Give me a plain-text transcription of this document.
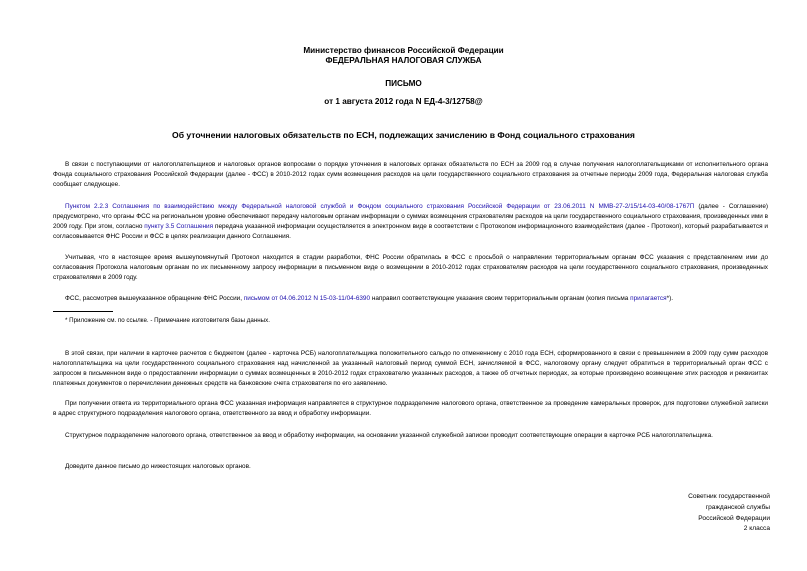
Министерство финансов Российской Федерации
ФЕДЕРАЛЬНАЯ НАЛОГОВАЯ СЛУЖБА
ПИСЬМО
от 1 августа 2012 года N ЕД-4-3/12758@
Об уточнении налоговых обязательств по ЕСН, подлежащих зачислению в Фонд социального страхования
В связи с поступающими от налогоплательщиков и налоговых органов вопросами о порядке уточнения в налоговых органах обязательств по ЕСН за 2009 год в случае получения налогоплательщиками от исполнительного органа Фонда социального страхования Российской Федерации (далее - ФСС) в 2010-2012 годах сумм возмещения расходов на цели государственного социального страхования за отчетные периоды 2009 года, Федеральная налоговая служба сообщает следующее.
Пунктом 2.2.3 Соглашения по взаимодействию между Федеральной налоговой службой и Фондом социального страхования Российской Федерации от 23.06.2011 N ММВ-27-2/15/14-03-40/08-1767П (далее - Соглашение) предусмотрено, что органы ФСС на региональном уровне обеспечивают передачу налоговым органам информации о суммах возмещения страхователям расходов на цели государственного социального страхования, произведенных ими в 2009 году. При этом, согласно пункту 3.5 Соглашения передача указанной информации осуществляется в электронном виде в соответствии с Протоколом информационного взаимодействия (далее - Протокол), который разрабатывается и согласовывается ФНС России и ФСС в целях реализации данного Соглашения.
Учитывая, что в настоящее время вышеупомянутый Протокол находится в стадии разработки, ФНС России обратилась в ФСС с просьбой о направлении территориальным органам ФСС указания с представлением ими до согласования Протокола налоговым органам по их письменному запросу информации в письменном виде о возмещении в 2010-2012 годах страхователям расходов на цели государственного социального страхования, произведенных страхователями в 2009 году.
ФСС, рассмотрев вышеуказанное обращение ФНС России, письмом от 04.06.2012 N 15-03-11/04-6390 направил соответствующие указания своим территориальным органам (копия письма прилагается*).
* Приложение см. по ссылке. - Примечание изготовителя базы данных.
В этой связи, при наличии в карточке расчетов с бюджетом (далее - карточка РСБ) налогоплательщика положительного сальдо по отмененному с 2010 года ЕСН, сформированного в связи с превышением в 2009 году сумм расходов налогоплательщика на цели государственного социального страхования над начисленной за указанный налоговый период суммой ЕСН, зачисляемой в ФСС, налоговому органу следует обратиться в территориальный орган ФСС с запросом в письменном виде о предоставлении информации о суммах возмещенных в 2010-2012 годах страхователю указанных расходов, а также об отчетных периодах, за которые произведено возмещение этих расходов и реквизитах платежных документов о перечислении денежных средств на банковские счета страхователя по его заявлению.
При получении ответа из территориального органа ФСС указанная информация направляется в структурное подразделение налогового органа, ответственное за проведение камеральных проверок, для подготовки служебной записки в адрес структурного подразделения налогового органа, ответственного за ввод и обработку информации.
Структурное подразделение налогового органа, ответственное за ввод и обработку информации, на основании указанной служебной записки проводит соответствующие операции в карточке РСБ налогоплательщика.
Доведите данное письмо до нижестоящих налоговых органов.
Советник государственной
гражданской службы
Российской Федерации
2 класса
